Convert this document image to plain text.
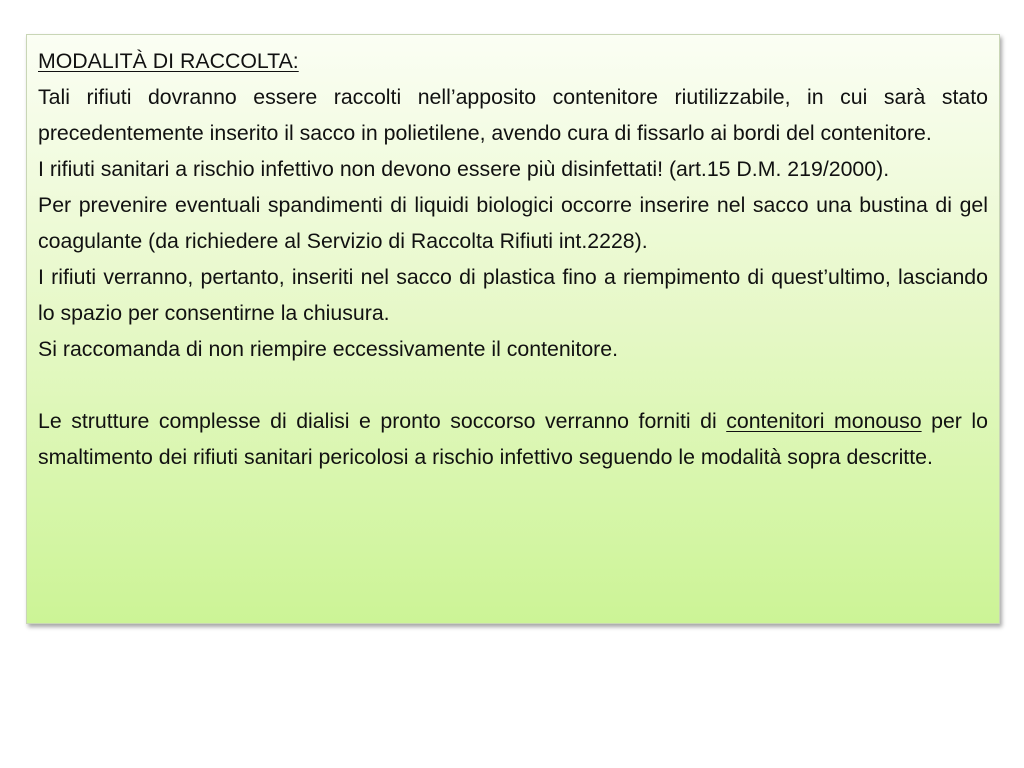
MODALITÀ DI RACCOLTA:

Tali rifiuti dovranno essere raccolti nell’apposito contenitore riutilizzabile, in cui sarà stato precedentemente inserito il sacco in polietilene, avendo cura di fissarlo ai bordi del contenitore.

I rifiuti sanitari a rischio infettivo non devono essere più disinfettati! (art.15 D.M. 219/2000).

Per prevenire eventuali spandimenti di liquidi biologici occorre inserire nel sacco una bustina di gel coagulante (da richiedere al Servizio di Raccolta Rifiuti int.2228).

I rifiuti verranno, pertanto, inseriti nel sacco di plastica fino a riempimento di quest’ultimo, lasciando lo spazio per consentirne la chiusura.

Si raccomanda di non riempire eccessivamente il contenitore.

Le strutture complesse di dialisi e pronto soccorso verranno forniti di contenitori monouso per lo smaltimento dei rifiuti sanitari pericolosi a rischio infettivo seguendo le modalità sopra descritte.
